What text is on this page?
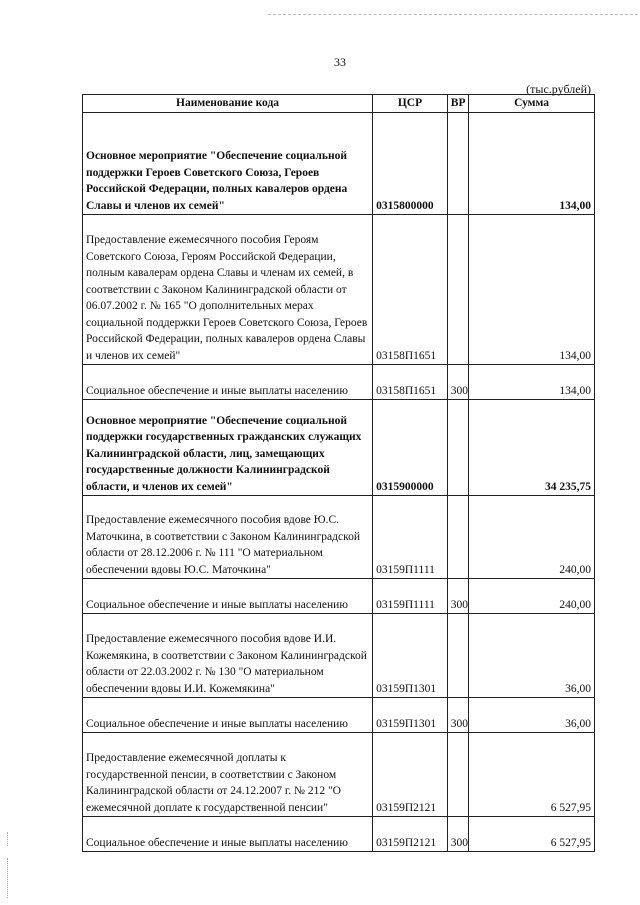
33
(тыс.рублей)
Наименование кода	ЦСР	ВР	Сумма
Основное мероприятие "Обеспечение социальной поддержки Героев Советского Союза, Героев Российской Федерации, полных кавалеров ордена Славы и членов их семей"	0315800000		134,00
Предоставление ежемесячного пособия Героям Советского Союза, Героям Российской Федерации, полным кавалерам ордена Славы и членам их семей, в соответствии с Законом Калининградской области от 06.07.2002 г. № 165 "О дополнительных мерах социальной поддержки Героев Советского Союза, Героев Российской Федерации, полных кавалеров ордена Славы и членов их семей"	03158П1651		134,00
Социальное обеспечение и иные выплаты населению	03158П1651	300	134,00
Основное мероприятие "Обеспечение социальной поддержки государственных гражданских служащих Калининградской области, лиц, замещающих государственные должности Калининградской области, и членов их семей"	0315900000		34 235,75
Предоставление ежемесячного пособия вдове Ю.С. Маточкина, в соответствии с Законом Калининградской области от 28.12.2006 г. № 111 "О материальном обеспечении вдовы Ю.С. Маточкина"	03159П1111		240,00
Социальное обеспечение и иные выплаты населению	03159П1111	300	240,00
Предоставление ежемесячного пособия вдове И.И. Кожемякина, в соответствии с Законом Калининградской области от 22.03.2002 г. № 130 "О материальном обеспечении вдовы И.И. Кожемякина"	03159П1301		36,00
Социальное обеспечение и иные выплаты населению	03159П1301	300	36,00
Предоставление ежемесячной доплаты к государственной пенсии, в соответствии с Законом Калининградской области от 24.12.2007 г. № 212 "О ежемесячной доплате к государственной пенсии"	03159П2121		6 527,95
Социальное обеспечение и иные выплаты населению	03159П2121	300	6 527,95
